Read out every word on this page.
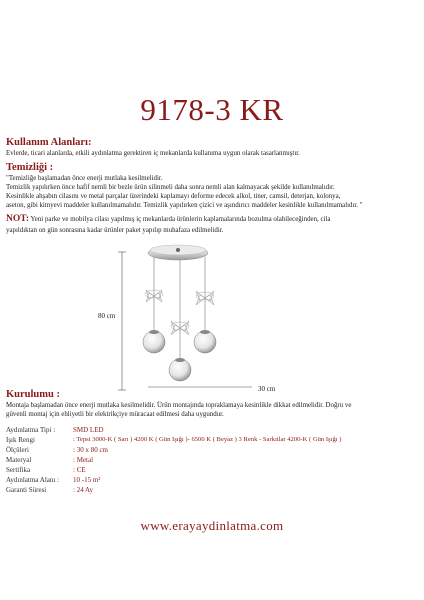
9178-3 KR
Kullanım Alanları:
Evlerde, ticari alanlarda, etkili aydınlatma gerektiren iç mekanlarda kullanıma uygun olarak tasarlanmıştır.
Temizliği :
"Temizliğe başlamadan önce enerji mutlaka kesilmelidir.
Temizlik yapılırken önce hafif nemli bir bezle ürün silinmeli daha sonra nemli alan kalmayacak şekilde kullanılmalıdır.
Kesinlikle ahşabın cilasını ve metal parçalar üzerindeki kaplamayı deforme edecek alkol, tiner, camsil, deterjan, kolonya,
aseton, gibi kimyevi maddeler kullanılmamalıdır. Temizlik yapılırken çizici ve aşındırıcı maddeler kesinlikle kullanılmamalıdır. "
NOT: Yeni parke ve mobilya cilası yapılmış iç mekanlarda ürünlerin kaplamalarında bozulma olabileceğinden, cila
yapıldıktan on gün sonrasına kadar ürünler paket yapılıp muhafaza edilmelidir.
80 cm
30 cm
Kurulumu :
Montaja başlamadan önce enerji mutlaka kesilmelidir. Ürün montajında topraklamaya kesinlikle dikkat edilmelidir. Doğru ve
güvenli montaj için ehliyetli bir elektrikçiye müracaat edilmesi daha uygundur.
Aydınlatma Tipi :	SMD LED
Işık Rengi	: Tepsi 3000-K ( Sarı ) 4200 K ( Gün Işığı )- 6500 K ( Beyaz ) 3 Renk - Sarkıtlar 4200-K ( Gün Işığı )
Ölçüleri	: 30 x 80 cm
Materyal	: Metal
Sertifika	: CE
Aydınlatma Alanı :	10 -15 m²
Garanti Süresi	: 24 Ay
www.erayaydinlatma.com
